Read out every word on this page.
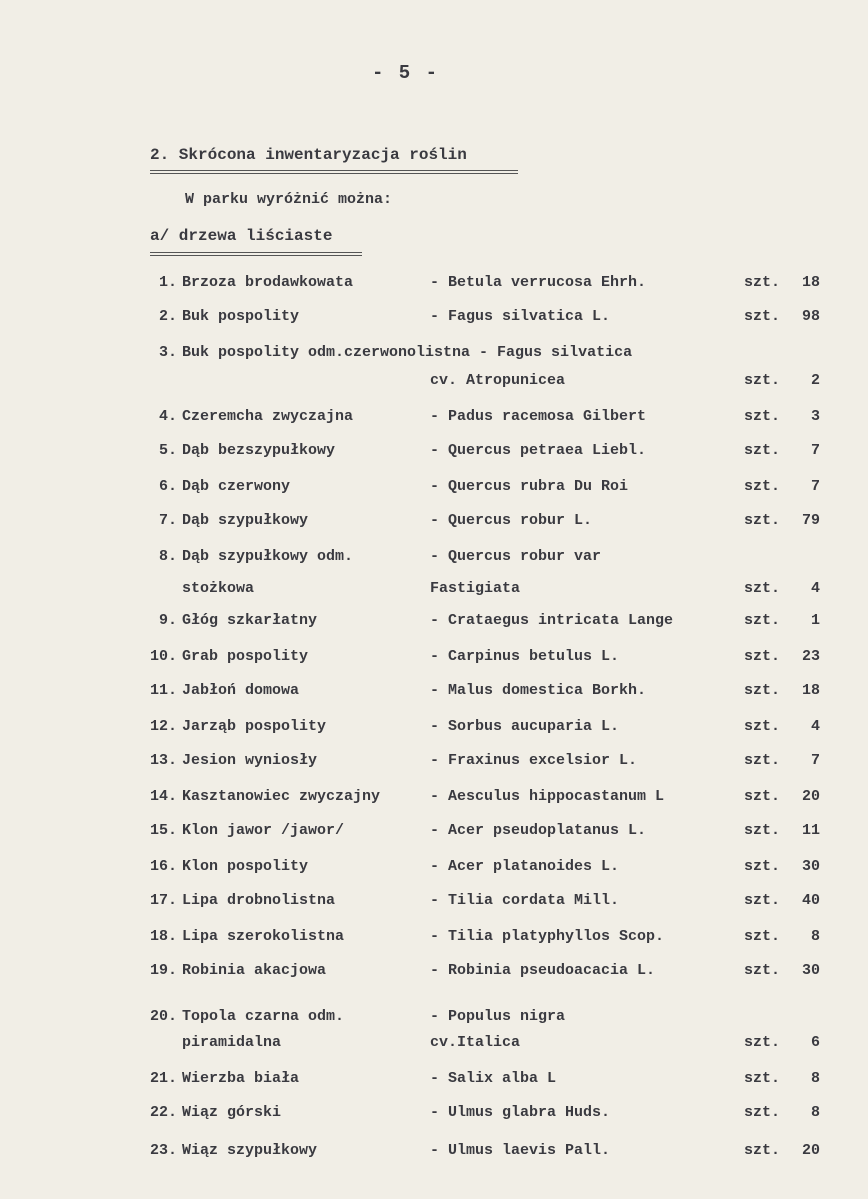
- 5 -
2. Skrócona inwentaryzacja roślin
W parku wyróżnić można:
a/ drzewa liściaste
1. Brzoza brodawkowata	- Betula verrucosa Ehrh.	szt.	18
2. Buk pospolity	- Fagus silvatica L.	szt.	98
3. Buk pospolity odm.czerwonolistna - Fagus silvatica
cv. Atropunicea	szt.	2
4. Czeremcha zwyczajna	- Padus racemosa Gilbert	szt.	3
5. Dąb bezszypułkowy	- Quercus petraea Liebl.	szt.	7
6. Dąb czerwony	- Quercus rubra Du Roi	szt.	7
7. Dąb szypułkowy	- Quercus robur L.	szt.	79
8. Dąb szypułkowy odm.	- Quercus robur var
stożkowa	Fastigiata	szt.	4
9. Głóg szkarłatny	- Crataegus intricata Lange	szt.	1
10. Grab pospolity	- Carpinus betulus L.	szt.	23
11. Jabłoń domowa	- Malus domestica Borkh.	szt.	18
12. Jarząb pospolity	- Sorbus aucuparia L.	szt.	4
13. Jesion wyniosły	- Fraxinus excelsior L.	szt.	7
14. Kasztanowiec zwyczajny	- Aesculus hippocastanum L	szt.	20
15. Klon jawor /jawor/	- Acer pseudoplatanus L.	szt.	11
16. Klon pospolity	- Acer platanoides L.	szt.	30
17. Lipa drobnolistna	- Tilia cordata Mill.	szt.	40
18. Lipa szerokolistna	- Tilia platyphyllos Scop.	szt.	8
19. Robinia akacjowa	- Robinia pseudoacacia L.	szt.	30
20. Topola czarna odm.	- Populus nigra
piramidalna	cv.Italica	szt.	6
21. Wierzba biała	- Salix alba L	szt.	8
22. Wiąz górski	- Ulmus glabra Huds.	szt.	8
23. Wiąz szypułkowy	- Ulmus laevis Pall.	szt.	20
